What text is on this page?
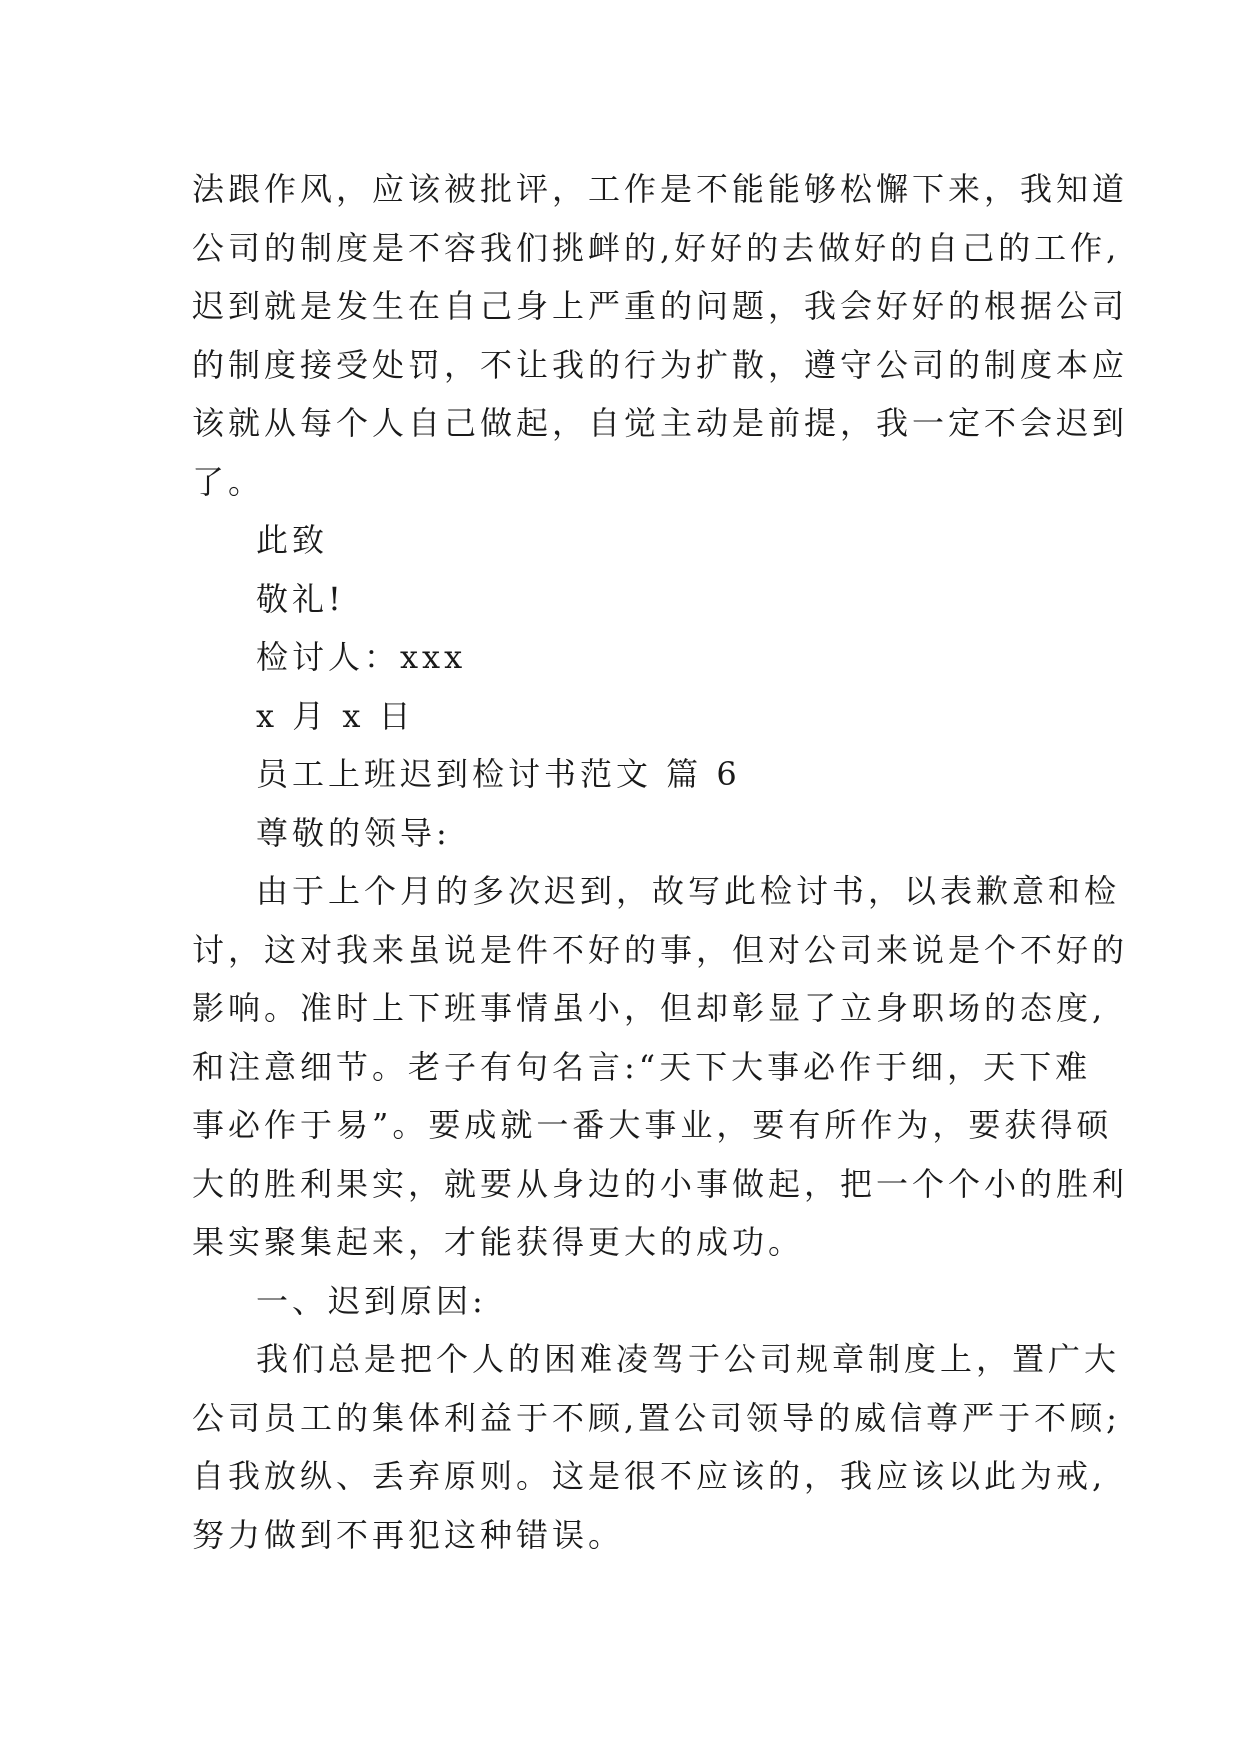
法跟作风，应该被批评，工作是不能能够松懈下来，我知道
公司的制度是不容我们挑衅的,好好的去做好的自己的工作,
迟到就是发生在自己身上严重的问题，我会好好的根据公司
的制度接受处罚，不让我的行为扩散，遵守公司的制度本应
该就从每个人自己做起，自觉主动是前提，我一定不会迟到
了。
此致
敬礼!
检讨人：xxx
x 月 x 日
员工上班迟到检讨书范文 篇 6
尊敬的领导:
由于上个月的多次迟到，故写此检讨书，以表歉意和检
讨，这对我来虽说是件不好的事，但对公司来说是个不好的
影响。准时上下班事情虽小，但却彰显了立身职场的态度,
和注意细节。老子有句名言:“天下大事必作于细，天下难
事必作于易”。要成就一番大事业，要有所作为，要获得硕
大的胜利果实，就要从身边的小事做起，把一个个小的胜利
果实聚集起来，才能获得更大的成功。
一、迟到原因:
我们总是把个人的困难凌驾于公司规章制度上，置广大
公司员工的集体利益于不顾,置公司领导的威信尊严于不顾;
自我放纵、丢弃原则。这是很不应该的，我应该以此为戒,
努力做到不再犯这种错误。
